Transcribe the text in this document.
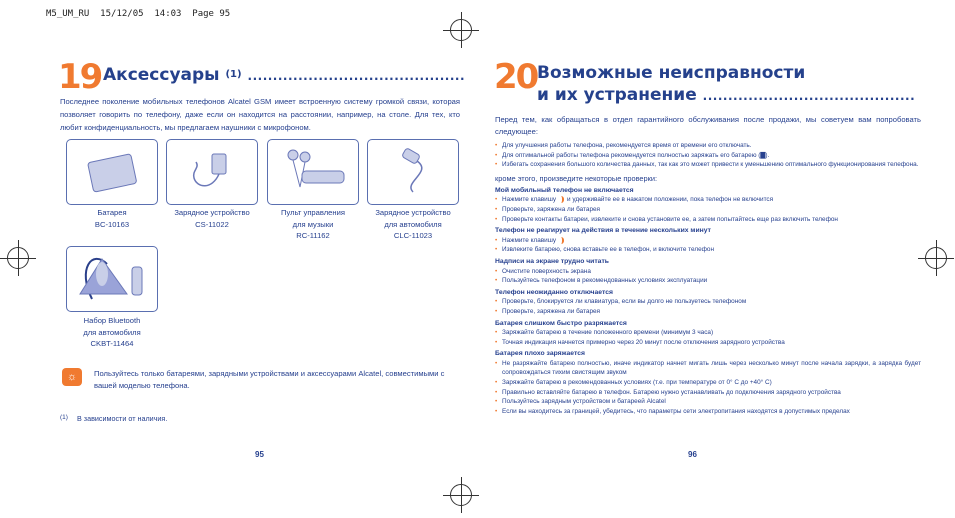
M5_UM_RU  15/12/05  14:03  Page 95
19 Аксессуары $^{(1)}$ ...........................................
Последнее поколение мобильных телефонов Alcatel GSM имеет встроенную систему громкой связи, которая позволяет говорить по телефону, даже если он находится на расстоянии, например, на столе. Для тех, кто любит конфиденциальность, мы предлагаем наушники с микрофоном.
Батарея
BC-10163
Зарядное устройство
CS-11022
Пульт управления
для музыки
RC-11162
Зарядное устройство
для автомобиля
CLC-11023
Набор Bluetooth
для автомобиля
CKBT-11464
☼	Пользуйтесь только батареями, зарядными устройствами и аксессуарами Alcatel, совместимыми с вашей моделью телефона.
(1) В зависимости от наличия.
95
20 Возможные неисправности
и их устранение ..........................................
Перед тем, как обращаться в отдел гарантийного обслуживания после продажи, мы советуем вам попробовать следующее:
• Для улучшения работы телефона, рекомендуется время от времени его отключать.
• Для оптимальной работы телефона рекомендуется полностью заряжать его батарею (▇).
• Избегать сохранения большого количества данных, так как это может привести к уменьшению оптимального функционирования телефона.
кроме этого, произведите некоторые проверки:
Мой мобильный телефон не включается
• Нажмите клавишу и удерживайте ее в нажатом положении, пока телефон не включится
• Проверьте, заряжена ли батарея
• Проверьте контакты батареи, извлеките и снова установите ее, а затем попытайтесь еще раз включить телефон
Телефон не реагирует на действия в течение нескольких минут
• Нажмите клавишу
• Извлеките батарею, снова вставьте ее в телефон, и включите телефон
Надписи на экране трудно читать
• Очистите поверхность экрана
• Пользуйтесь телефоном в рекомендованных условиях эксплуатации
Телефон неожиданно отключается
• Проверьте, блокируется ли клавиатура, если вы долго не пользуетесь телефоном
• Проверьте, заряжена ли батарея
Батарея слишком быстро разряжается
• Заряжайте батарею в течение положенного времени (минимум 3 часа)
• Точная индикация начнется примерно через 20 минут после отключения зарядного устройства
Батарея плохо заряжается
• Не разряжайте батарею полностью, иначе индикатор начнет мигать лишь через несколько минут после начала зарядки, а зарядка будет сопровождаться тихим свистящим звуком
• Заряжайте батарею в рекомендованных условиях (т.е. при температуре от 0° C до +40° C)
• Правильно вставляйте батарею в телефон. Батарею нужно устанавливать до подключения зарядного устройства
• Пользуйтесь зарядным устройством и батареей Alcatel
• Если вы находитесь за границей, убедитесь, что параметры сети электропитания находятся в допустимых пределах
96
